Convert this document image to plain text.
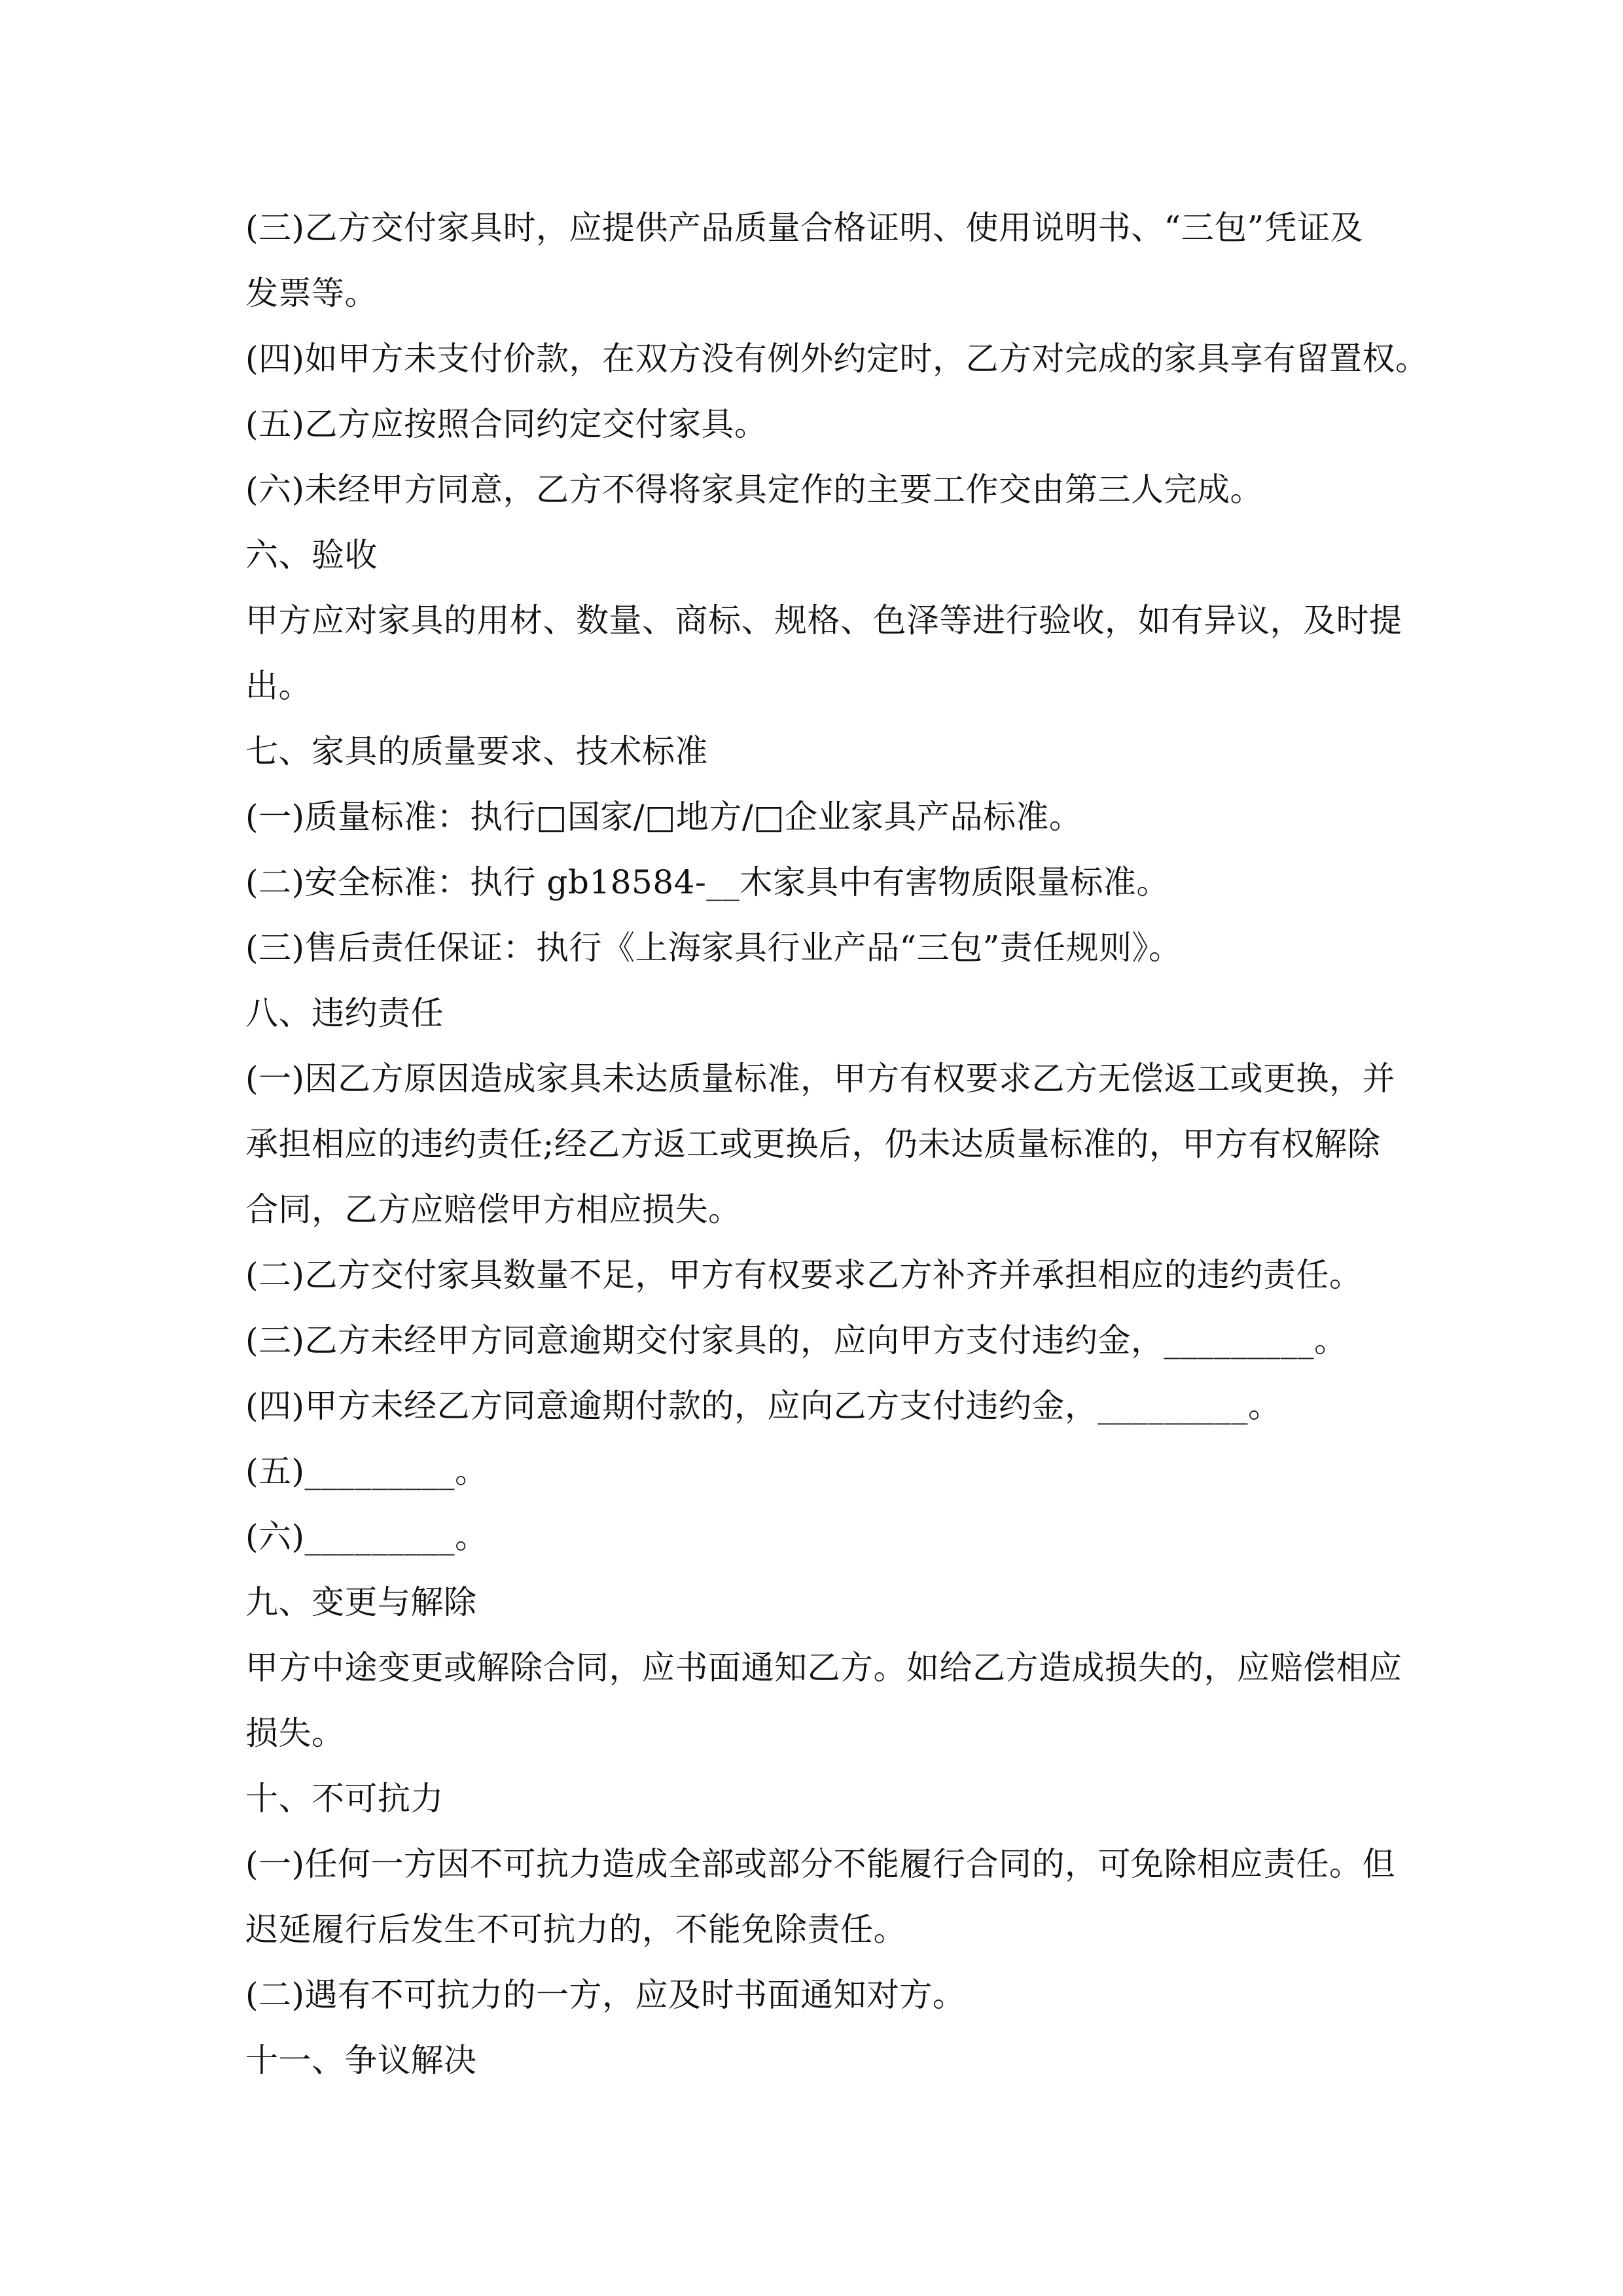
(三)乙方交付家具时，应提供产品质量合格证明、使用说明书、“三包”凭证及
发票等。
(四)如甲方未支付价款，在双方没有例外约定时，乙方对完成的家具享有留置权。
(五)乙方应按照合同约定交付家具。
(六)未经甲方同意，乙方不得将家具定作的主要工作交由第三人完成。
六、验收
甲方应对家具的用材、数量、商标、规格、色泽等进行验收，如有异议，及时提
出。
七、家具的质量要求、技术标准
(一)质量标准：执行□国家/□地方/□企业家具产品标准。
(二)安全标准：执行 gb18584-__木家具中有害物质限量标准。
(三)售后责任保证：执行《上海家具行业产品“三包”责任规则》。
八、违约责任
(一)因乙方原因造成家具未达质量标准，甲方有权要求乙方无偿返工或更换，并
承担相应的违约责任;经乙方返工或更换后，仍未达质量标准的，甲方有权解除
合同，乙方应赔偿甲方相应损失。
(二)乙方交付家具数量不足，甲方有权要求乙方补齐并承担相应的违约责任。
(三)乙方未经甲方同意逾期交付家具的，应向甲方支付违约金，_________。
(四)甲方未经乙方同意逾期付款的，应向乙方支付违约金，_________。
(五)_________。
(六)_________。
九、变更与解除
甲方中途变更或解除合同，应书面通知乙方。如给乙方造成损失的，应赔偿相应
损失。
十、不可抗力
(一)任何一方因不可抗力造成全部或部分不能履行合同的，可免除相应责任。但
迟延履行后发生不可抗力的，不能免除责任。
(二)遇有不可抗力的一方，应及时书面通知对方。
十一、争议解决
